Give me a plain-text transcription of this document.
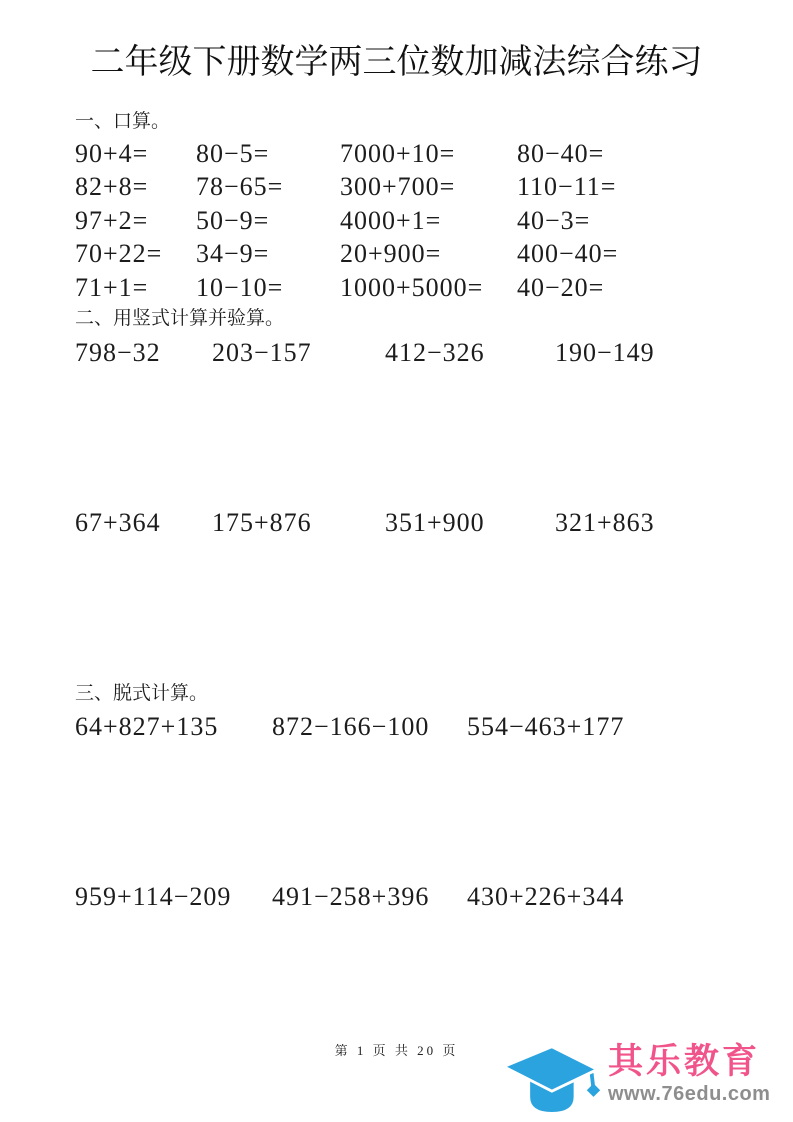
二年级下册数学两三位数加减法综合练习
一、口算。
90+4=	80−5=	7000+10=	80−40=
82+8=	78−65=	300+700=	110−11=
97+2=	50−9=	4000+1=	40−3=
70+22=	34−9=	20+900=	400−40=
71+1=	10−10=	1000+5000=	40−20=
二、用竖式计算并验算。
798−32	203−157	412−326	190−149
67+364	175+876	351+900	321+863
三、脱式计算。
64+827+135	872−166−100	554−463+177
959+114−209	491−258+396	430+226+344
第 1 页 共 20 页	其乐教育
www.76edu.com
